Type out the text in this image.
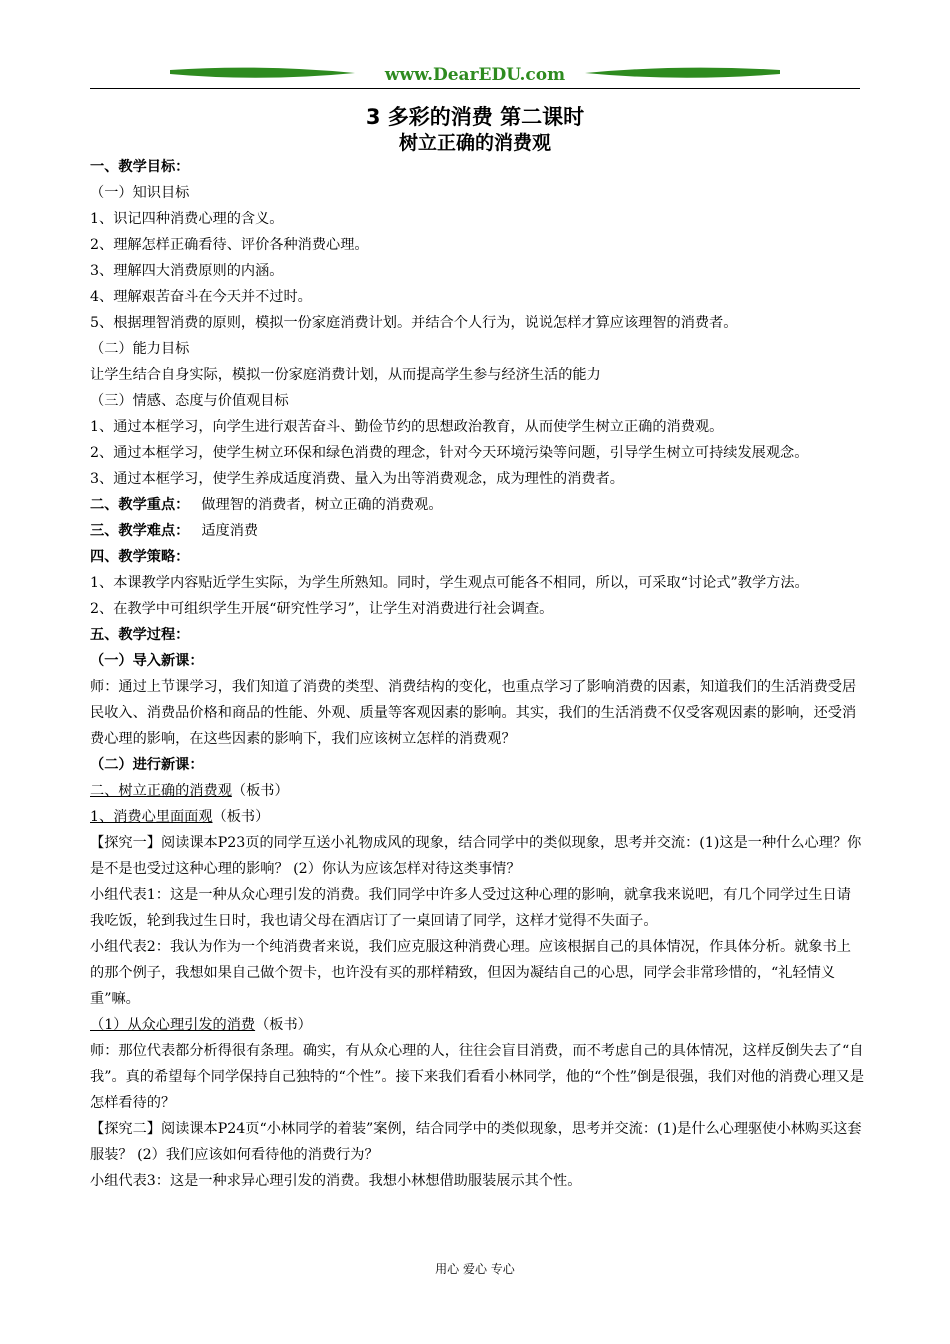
www.DearEDU.com
3 多彩的消费 第二课时
树立正确的消费观

一、教学目标：

（一）知识目标

1、识记四种消费心理的含义。

2、理解怎样正确看待、评价各种消费心理。

3、理解四大消费原则的内涵。

4、理解艰苦奋斗在今天并不过时。

5、根据理智消费的原则，模拟一份家庭消费计划。并结合个人行为，说说怎样才算应该理智的消费者。

（二）能力目标

让学生结合自身实际，模拟一份家庭消费计划，从而提高学生参与经济生活的能力

（三）情感、态度与价值观目标

1、通过本框学习，向学生进行艰苦奋斗、勤俭节约的思想政治教育，从而使学生树立正确的消费观。

2、通过本框学习，使学生树立环保和绿色消费的理念，针对今天环境污染等问题，引导学生树立可持续发展观念。

3、通过本框学习，使学生养成适度消费、量入为出等消费观念，成为理性的消费者。

二、教学重点： 做理智的消费者，树立正确的消费观。

三、教学难点： 适度消费

四、教学策略：

1、本课教学内容贴近学生实际，为学生所熟知。同时，学生观点可能各不相同，所以，可采取“讨论式”教学方法。

2、在教学中可组织学生开展“研究性学习”，让学生对消费进行社会调查。

五、教学过程：

（一）导入新课：

师：通过上节课学习，我们知道了消费的类型、消费结构的变化，也重点学习了影响消费的因素，知道我们的生活消费受居民收入、消费品价格和商品的性能、外观、质量等客观因素的影响。其实，我们的生活消费不仅受客观因素的影响，还受消费心理的影响，在这些因素的影响下，我们应该树立怎样的消费观？

（二）进行新课：

二、树立正确的消费观（板书）

1、消费心里面面观（板书）

【探究一】阅读课本P23页的同学互送小礼物成风的现象，结合同学中的类似现象，思考并交流：(1)这是一种什么心理？你是不是也受过这种心理的影响？ (2）你认为应该怎样对待这类事情？

小组代表1：这是一种从众心理引发的消费。我们同学中许多人受过这种心理的影响，就拿我来说吧，有几个同学过生日请我吃饭，轮到我过生日时，我也请父母在酒店订了一桌回请了同学，这样才觉得不失面子。

小组代表2：我认为作为一个纯消费者来说，我们应克服这种消费心理。应该根据自己的具体情况，作具体分析。就象书上的那个例子，我想如果自己做个贺卡，也许没有买的那样精致，但因为凝结自己的心思，同学会非常珍惜的，“礼轻情义重”嘛。

（1）从众心理引发的消费（板书）

师：那位代表都分析得很有条理。确实，有从众心理的人，往往会盲目消费，而不考虑自己的具体情况，这样反倒失去了“自我”。真的希望每个同学保持自己独特的“个性”。接下来我们看看小林同学，他的“个性”倒是很强，我们对他的消费心理又是怎样看待的？

【探究二】阅读课本P24页“小林同学的着装”案例，结合同学中的类似现象，思考并交流：(1)是什么心理驱使小林购买这套服装？ (2）我们应该如何看待他的消费行为？

小组代表3：这是一种求异心理引发的消费。我想小林想借助服装展示其个性。

用心 爱心 专心
